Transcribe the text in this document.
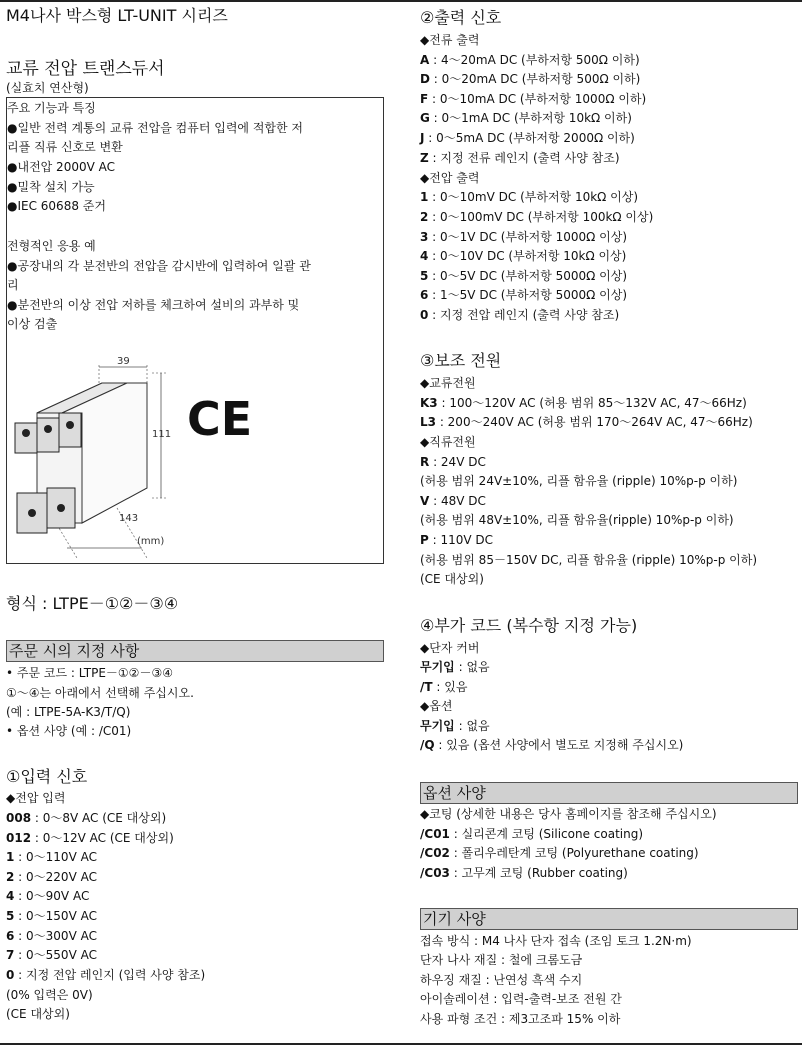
M4나사 박스형 LT-UNIT 시리즈
교류 전압 트랜스듀서
(실효치 연산형)
주요 기능과 특징
●일반 전력 계통의 교류 전압을 컴퓨터 입력에 적합한 저
리플 직류 신호로 변환
●내전압 2000V AC
●밀착 설치 가능
●IEC 60688 준거
전형적인 응용 예
●공장내의 각 분전반의 전압을 감시반에 입력하여 일괄 관
리
●분전반의 이상 전압 저하를 체크하여 설비의 과부하 및
이상 검출
39
111
143
(mm)
CE
형식 : LTPE－①②－③④
주문 시의 지정 사항
• 주문 코드 : LTPE－①②－③④
①～④는 아래에서 선택해 주십시오.
(예 : LTPE-5A-K3/T/Q)
• 옵션 사양 (예 : /C01)
①입력 신호
◆전압 입력
008 : 0～8V AC (CE 대상외)
012 : 0～12V AC (CE 대상외)
1 : 0～110V AC
2 : 0～220V AC
4 : 0～90V AC
5 : 0～150V AC
6 : 0～300V AC
7 : 0～550V AC
0 : 지정 전압 레인지 (입력 사양 참조)
(0% 입력은 0V)
(CE 대상외)
②출력 신호
◆전류 출력
A : 4～20mA DC (부하저항 500Ω 이하)
D : 0～20mA DC (부하저항 500Ω 이하)
F : 0～10mA DC (부하저항 1000Ω 이하)
G : 0～1mA DC (부하저항 10kΩ 이하)
J : 0～5mA DC (부하저항 2000Ω 이하)
Z : 지정 전류 레인지 (출력 사양 참조)
◆전압 출력
1 : 0～10mV DC (부하저항 10kΩ 이상)
2 : 0～100mV DC (부하저항 100kΩ 이상)
3 : 0～1V DC (부하저항 1000Ω 이상)
4 : 0～10V DC (부하저항 10kΩ 이상)
5 : 0～5V DC (부하저항 5000Ω 이상)
6 : 1～5V DC (부하저항 5000Ω 이상)
0 : 지정 전압 레인지 (출력 사양 참조)
③보조 전원
◆교류전원
K3 : 100～120V AC (허용 범위 85～132V AC, 47～66Hz)
L3 : 200～240V AC (허용 범위 170～264V AC, 47～66Hz)
◆직류전원
R : 24V DC
(허용 범위 24V±10%, 리플 함유율 (ripple) 10%p-p 이하)
V : 48V DC
(허용 범위 48V±10%, 리플 함유율(ripple) 10%p-p 이하)
P : 110V DC
(허용 범위 85－150V DC, 리플 함유율 (ripple) 10%p-p 이하)
(CE 대상외)
④부가 코드 (복수항 지정 가능)
◆단자 커버
무기입 : 없음
/T : 있음
◆옵션
무기입 : 없음
/Q : 있음 (옵션 사양에서 별도로 지정해 주십시오)
옵션 사양
◆코팅 (상세한 내용은 당사 홈페이지를 참조해 주십시오)
/C01 : 실리콘계 코팅 (Silicone coating)
/C02 : 폴리우레탄계 코팅 (Polyurethane coating)
/C03 : 고무계 코팅 (Rubber coating)
기기 사양
접속 방식 : M4 나사 단자 접속 (조임 토크 1.2N·m)
단자 나사 재질 : 철에 크롬도금
하우징 재질 : 난연성 흑색 수지
아이솔레이션 : 입력-출력-보조 전원 간
사용 파형 조건 : 제3고조파 15% 이하
